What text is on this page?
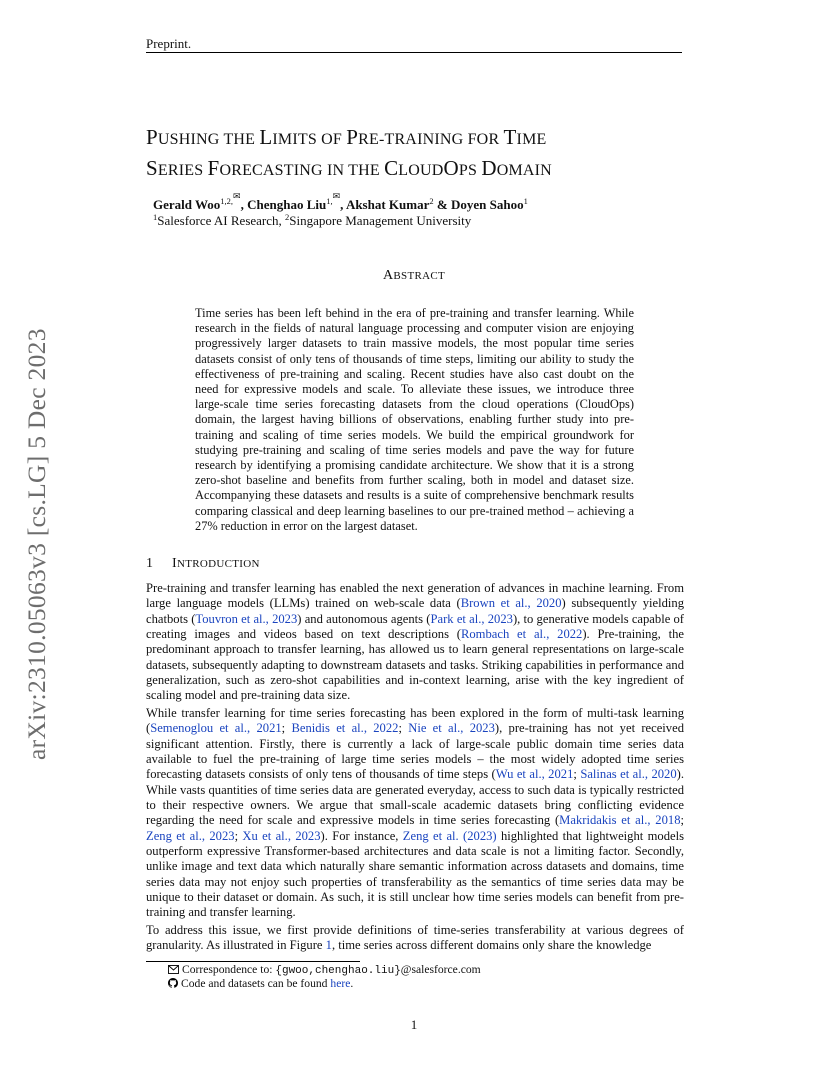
Preprint.
arXiv:2310.05063v3 [cs.LG] 5 Dec 2023
PUSHING THE LIMITS OF PRE-TRAINING FOR TIME
SERIES FORECASTING IN THE CLOUDOPS DOMAIN
Gerald Woo$^{1,2,✉}$, Chenghao Liu$^{1,✉}$, Akshat Kumar$^2$ & Doyen Sahoo$^1$
$^1$Salesforce AI Research, $^2$Singapore Management University
ABSTRACT

Time series has been left behind in the era of pre-training and transfer learning. While research in the fields of natural language processing and computer vision are enjoying progressively larger datasets to train massive models, the most popular time series datasets consist of only tens of thousands of time steps, limiting our ability to study the effectiveness of pre-training and scaling. Recent studies have also cast doubt on the need for expressive models and scale. To alleviate these issues, we introduce three large-scale time series forecasting datasets from the cloud operations (CloudOps) domain, the largest having billions of observations, enabling further study into pre-training and scaling of time series models. We build the empirical groundwork for studying pre-training and scaling of time series models and pave the way for future research by identifying a promising candidate architecture. We show that it is a strong zero-shot baseline and benefits from further scaling, both in model and dataset size. Accompanying these datasets and results is a suite of comprehensive benchmark results comparing classical and deep learning baselines to our pre-trained method – achieving a 27% reduction in error on the largest dataset.

1 INTRODUCTION

Pre-training and transfer learning has enabled the next generation of advances in machine learning. From large language models (LLMs) trained on web-scale data (Brown et al., 2020) subsequently yielding chatbots (Touvron et al., 2023) and autonomous agents (Park et al., 2023), to generative models capable of creating images and videos based on text descriptions (Rombach et al., 2022). Pre-training, the predominant approach to transfer learning, has allowed us to learn general representations on large-scale datasets, subsequently adapting to downstream datasets and tasks. Striking capabilities in performance and generalization, such as zero-shot capabilities and in-context learning, arise with the key ingredient of scaling model and pre-training data size.

While transfer learning for time series forecasting has been explored in the form of multi-task learning (Semenoglou et al., 2021; Benidis et al., 2022; Nie et al., 2023), pre-training has not yet received significant attention. Firstly, there is currently a lack of large-scale public domain time series data available to fuel the pre-training of large time series models – the most widely adopted time series forecasting datasets consists of only tens of thousands of time steps (Wu et al., 2021; Salinas et al., 2020). While vasts quantities of time series data are generated everyday, access to such data is typically restricted to their respective owners. We argue that small-scale academic datasets bring conflicting evidence regarding the need for scale and expressive models in time series forecasting (Makridakis et al., 2018; Zeng et al., 2023; Xu et al., 2023). For instance, Zeng et al. (2023) highlighted that lightweight models outperform expressive Transformer-based architectures and data scale is not a limiting factor. Secondly, unlike image and text data which naturally share semantic information across datasets and domains, time series data may not enjoy such properties of transferability as the semantics of time series data may be unique to their dataset or domain. As such, it is still unclear how time series models can benefit from pre-training and transfer learning.

To address this issue, we first provide definitions of time-series transferability at various degrees of granularity. As illustrated in Figure 1, time series across different domains only share the knowledge

Correspondence to: {gwoo,chenghao.liu}@salesforce.com
Code and datasets can be found here.
1
